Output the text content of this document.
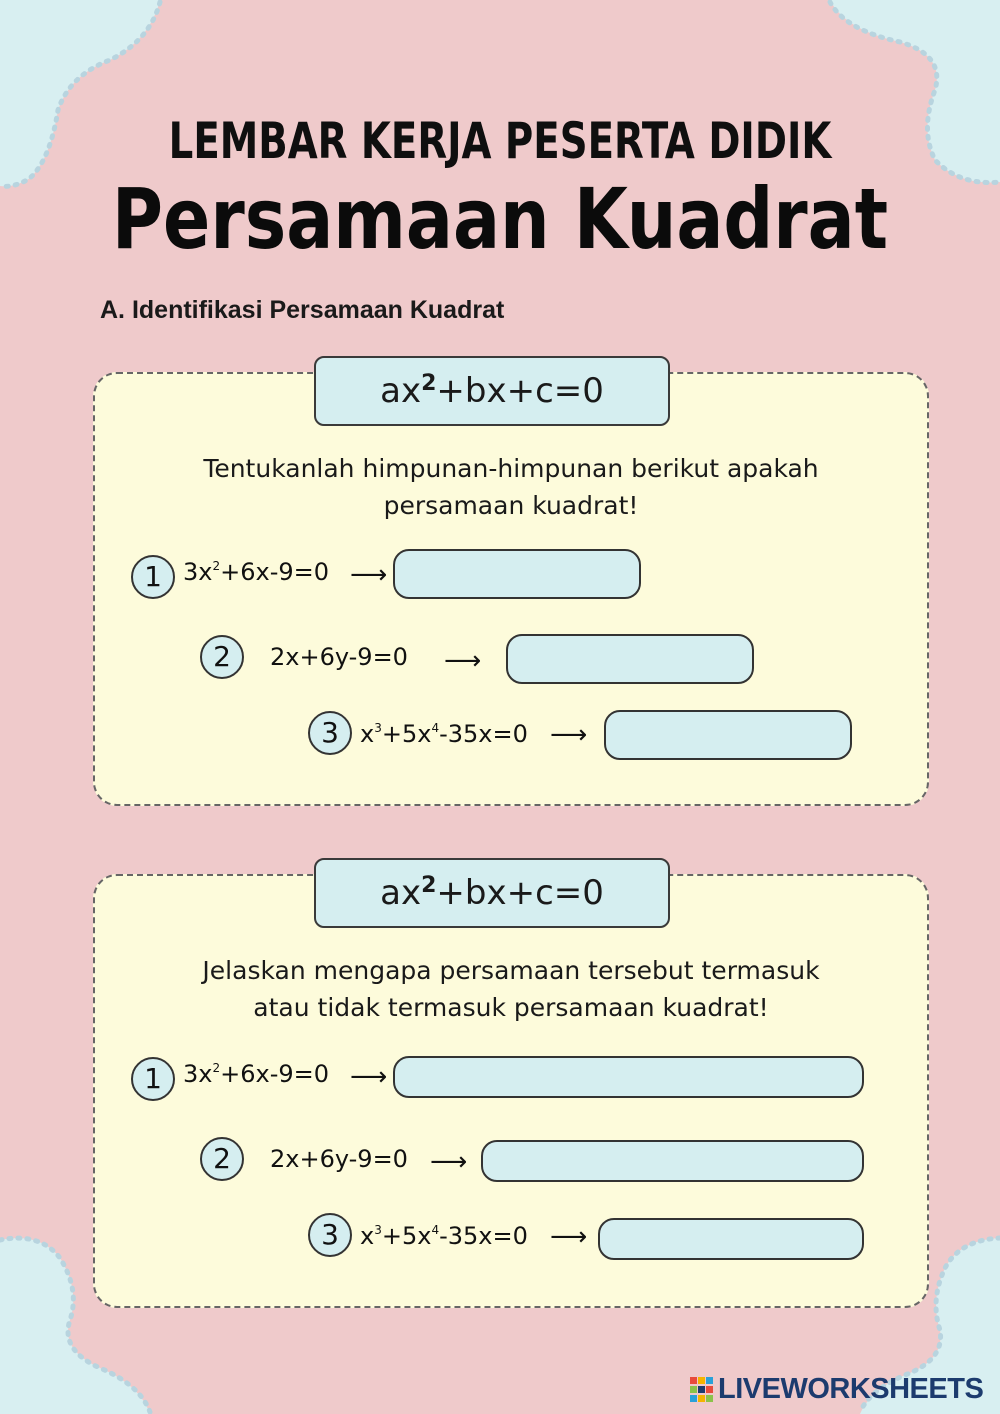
LEMBAR KERJA PESERTA DIDIK
Persamaan Kuadrat
A. Identifikasi Persamaan Kuadrat
$ax^2+bx+c=0$
Tentukanlah himpunan-himpunan berikut apakah
persamaan kuadrat!
1 $3x^2+6x-9=0$ ⟶
2	2x+6y-9=0 ⟶
3 $x^3+5x^4-35x=0$ ⟶
$ax^2+bx+c=0$
Jelaskan mengapa persamaan tersebut termasuk
atau tidak termasuk persamaan kuadrat!
1 $3x^2+6x-9=0$ ⟶
2	2x+6y-9=0 ⟶
3 $x^3+5x^4-35x=0$ ⟶
LIVEWORKSHEETS
